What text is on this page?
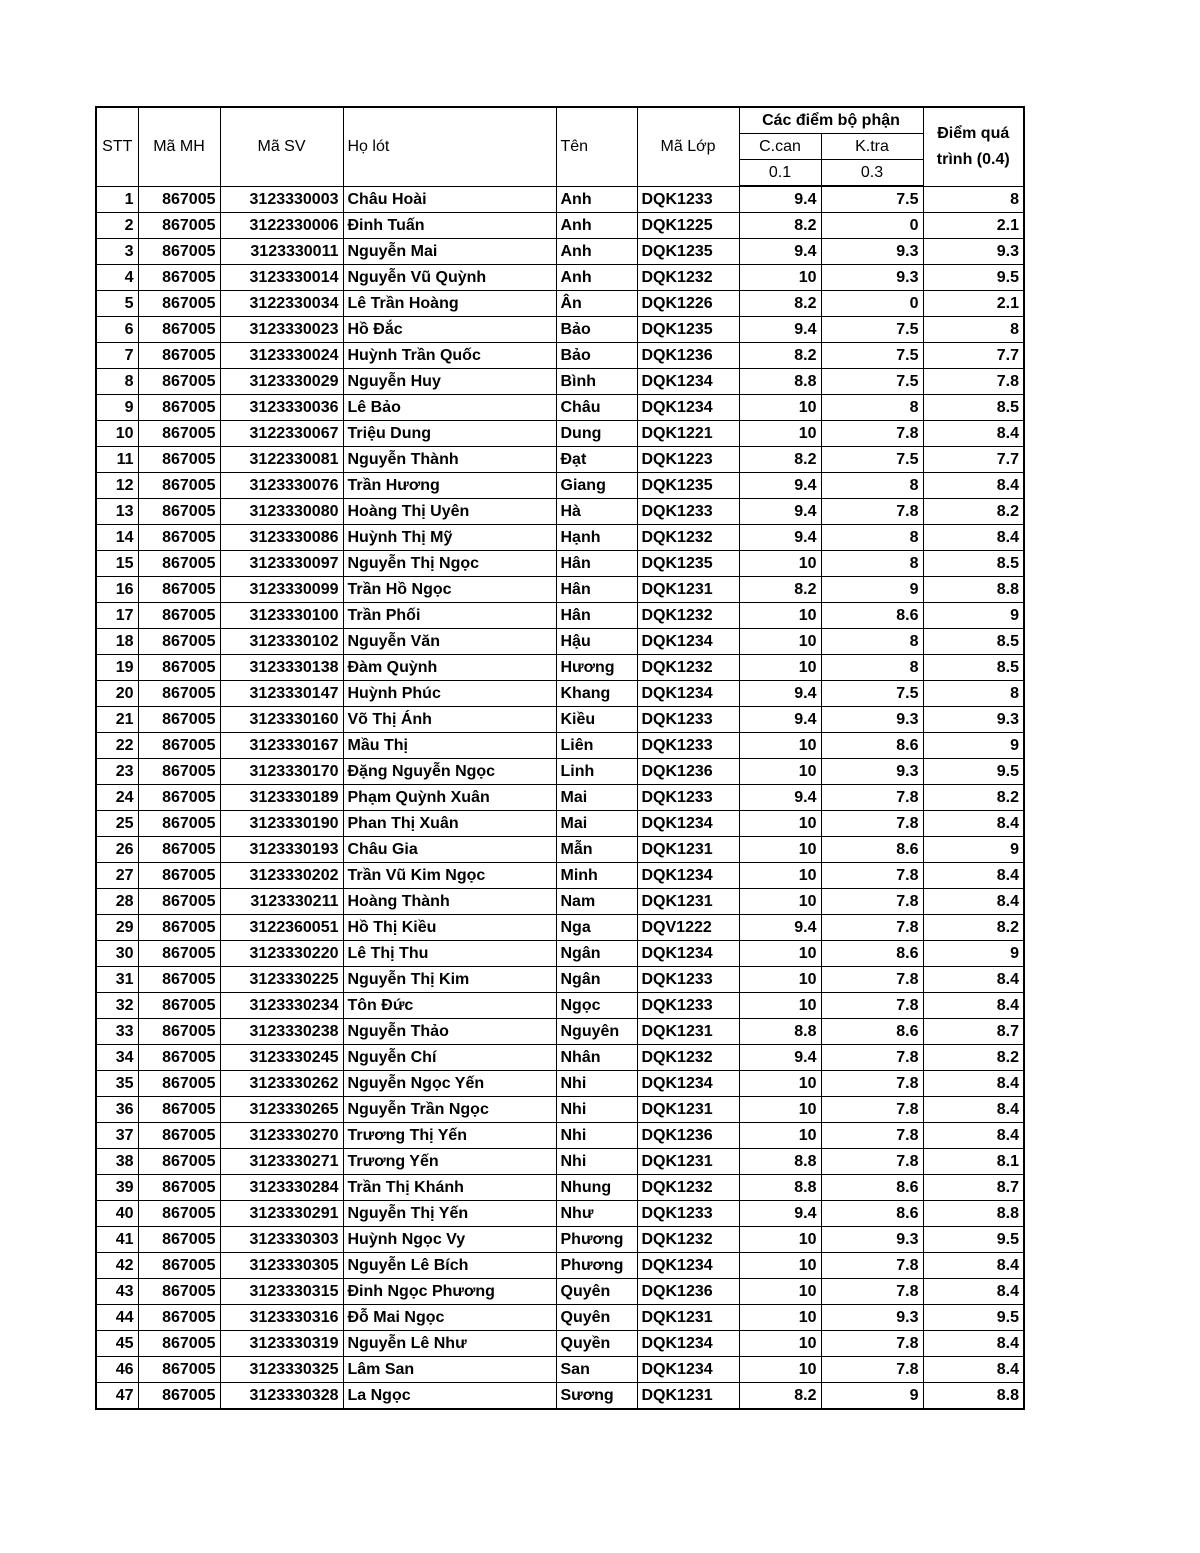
STT	Mã MH	Mã SV	Họ lót	Tên	Mã Lớp	Các điểm bộ phận		Điểm quá trình (0.4)
						C.can	K.tra	
						0.1	0.3	
1	867005	3123330003	Châu Hoài	Anh	DQK1233	9.4	7.5	8
2	867005	3122330006	Đinh Tuấn	Anh	DQK1225	8.2	0	2.1
3	867005	3123330011	Nguyễn Mai	Anh	DQK1235	9.4	9.3	9.3
4	867005	3123330014	Nguyễn Vũ Quỳnh	Anh	DQK1232	10	9.3	9.5
5	867005	3122330034	Lê Trần Hoàng	Ân	DQK1226	8.2	0	2.1
6	867005	3123330023	Hồ Đắc	Bảo	DQK1235	9.4	7.5	8
7	867005	3123330024	Huỳnh Trần Quốc	Bảo	DQK1236	8.2	7.5	7.7
8	867005	3123330029	Nguyễn Huy	Bình	DQK1234	8.8	7.5	7.8
9	867005	3123330036	Lê Bảo	Châu	DQK1234	10	8	8.5
10	867005	3122330067	Triệu Dung	Dung	DQK1221	10	7.8	8.4
11	867005	3122330081	Nguyễn Thành	Đạt	DQK1223	8.2	7.5	7.7
12	867005	3123330076	Trần Hương	Giang	DQK1235	9.4	8	8.4
13	867005	3123330080	Hoàng Thị Uyên	Hà	DQK1233	9.4	7.8	8.2
14	867005	3123330086	Huỳnh Thị Mỹ	Hạnh	DQK1232	9.4	8	8.4
15	867005	3123330097	Nguyễn Thị Ngọc	Hân	DQK1235	10	8	8.5
16	867005	3123330099	Trần Hồ Ngọc	Hân	DQK1231	8.2	9	8.8
17	867005	3123330100	Trần Phối	Hân	DQK1232	10	8.6	9
18	867005	3123330102	Nguyễn Văn	Hậu	DQK1234	10	8	8.5
19	867005	3123330138	Đàm Quỳnh	Hương	DQK1232	10	8	8.5
20	867005	3123330147	Huỳnh Phúc	Khang	DQK1234	9.4	7.5	8
21	867005	3123330160	Võ Thị Ánh	Kiều	DQK1233	9.4	9.3	9.3
22	867005	3123330167	Mầu Thị	Liên	DQK1233	10	8.6	9
23	867005	3123330170	Đặng Nguyễn Ngọc	Linh	DQK1236	10	9.3	9.5
24	867005	3123330189	Phạm Quỳnh Xuân	Mai	DQK1233	9.4	7.8	8.2
25	867005	3123330190	Phan Thị Xuân	Mai	DQK1234	10	7.8	8.4
26	867005	3123330193	Châu Gia	Mẫn	DQK1231	10	8.6	9
27	867005	3123330202	Trần Vũ Kim Ngọc	Minh	DQK1234	10	7.8	8.4
28	867005	3123330211	Hoàng Thành	Nam	DQK1231	10	7.8	8.4
29	867005	3122360051	Hồ Thị Kiều	Nga	DQV1222	9.4	7.8	8.2
30	867005	3123330220	Lê Thị Thu	Ngân	DQK1234	10	8.6	9
31	867005	3123330225	Nguyễn Thị Kim	Ngân	DQK1233	10	7.8	8.4
32	867005	3123330234	Tôn Đức	Ngọc	DQK1233	10	7.8	8.4
33	867005	3123330238	Nguyễn Thảo	Nguyên	DQK1231	8.8	8.6	8.7
34	867005	3123330245	Nguyễn Chí	Nhân	DQK1232	9.4	7.8	8.2
35	867005	3123330262	Nguyễn Ngọc Yến	Nhi	DQK1234	10	7.8	8.4
36	867005	3123330265	Nguyễn Trần Ngọc	Nhi	DQK1231	10	7.8	8.4
37	867005	3123330270	Trương Thị Yến	Nhi	DQK1236	10	7.8	8.4
38	867005	3123330271	Trương Yến	Nhi	DQK1231	8.8	7.8	8.1
39	867005	3123330284	Trần Thị Khánh	Nhung	DQK1232	8.8	8.6	8.7
40	867005	3123330291	Nguyễn Thị Yến	Như	DQK1233	9.4	8.6	8.8
41	867005	3123330303	Huỳnh Ngọc Vy	Phương	DQK1232	10	9.3	9.5
42	867005	3123330305	Nguyễn Lê Bích	Phương	DQK1234	10	7.8	8.4
43	867005	3123330315	Đinh Ngọc Phương	Quyên	DQK1236	10	7.8	8.4
44	867005	3123330316	Đỗ Mai Ngọc	Quyên	DQK1231	10	9.3	9.5
45	867005	3123330319	Nguyễn Lê Như	Quyền	DQK1234	10	7.8	8.4
46	867005	3123330325	Lâm San	San	DQK1234	10	7.8	8.4
47	867005	3123330328	La Ngọc	Sương	DQK1231	8.2	9	8.8
